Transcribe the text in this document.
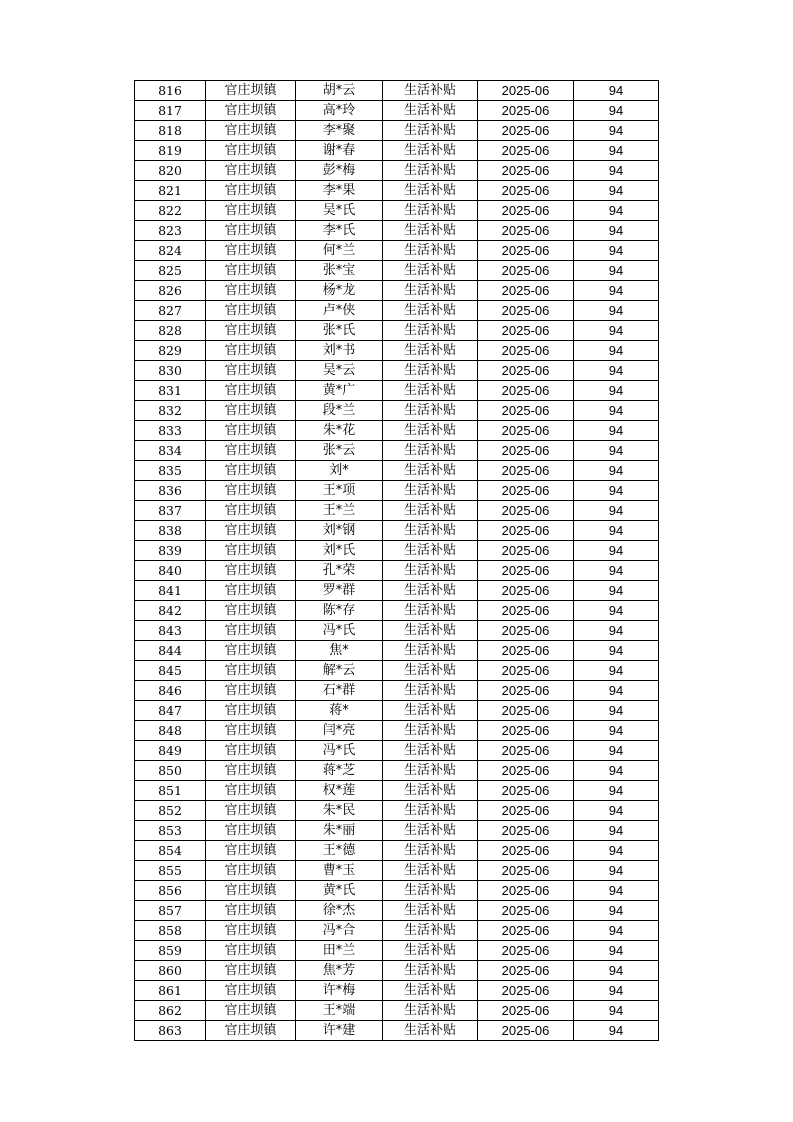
816	官庄坝镇	胡*云	生活补贴	2025-06	94
817	官庄坝镇	高*玲	生活补贴	2025-06	94
818	官庄坝镇	李*聚	生活补贴	2025-06	94
819	官庄坝镇	谢*春	生活补贴	2025-06	94
820	官庄坝镇	彭*梅	生活补贴	2025-06	94
821	官庄坝镇	李*果	生活补贴	2025-06	94
822	官庄坝镇	吴*氏	生活补贴	2025-06	94
823	官庄坝镇	李*氏	生活补贴	2025-06	94
824	官庄坝镇	何*兰	生活补贴	2025-06	94
825	官庄坝镇	张*宝	生活补贴	2025-06	94
826	官庄坝镇	杨*龙	生活补贴	2025-06	94
827	官庄坝镇	卢*侠	生活补贴	2025-06	94
828	官庄坝镇	张*氏	生活补贴	2025-06	94
829	官庄坝镇	刘*书	生活补贴	2025-06	94
830	官庄坝镇	吴*云	生活补贴	2025-06	94
831	官庄坝镇	黄*广	生活补贴	2025-06	94
832	官庄坝镇	段*兰	生活补贴	2025-06	94
833	官庄坝镇	朱*花	生活补贴	2025-06	94
834	官庄坝镇	张*云	生活补贴	2025-06	94
835	官庄坝镇	刘*	生活补贴	2025-06	94
836	官庄坝镇	王*项	生活补贴	2025-06	94
837	官庄坝镇	王*兰	生活补贴	2025-06	94
838	官庄坝镇	刘*钢	生活补贴	2025-06	94
839	官庄坝镇	刘*氏	生活补贴	2025-06	94
840	官庄坝镇	孔*荣	生活补贴	2025-06	94
841	官庄坝镇	罗*群	生活补贴	2025-06	94
842	官庄坝镇	陈*存	生活补贴	2025-06	94
843	官庄坝镇	冯*氏	生活补贴	2025-06	94
844	官庄坝镇	焦*	生活补贴	2025-06	94
845	官庄坝镇	解*云	生活补贴	2025-06	94
846	官庄坝镇	石*群	生活补贴	2025-06	94
847	官庄坝镇	蒋*	生活补贴	2025-06	94
848	官庄坝镇	闫*亮	生活补贴	2025-06	94
849	官庄坝镇	冯*氏	生活补贴	2025-06	94
850	官庄坝镇	蒋*芝	生活补贴	2025-06	94
851	官庄坝镇	权*莲	生活补贴	2025-06	94
852	官庄坝镇	朱*民	生活补贴	2025-06	94
853	官庄坝镇	朱*丽	生活补贴	2025-06	94
854	官庄坝镇	王*德	生活补贴	2025-06	94
855	官庄坝镇	曹*玉	生活补贴	2025-06	94
856	官庄坝镇	黄*氏	生活补贴	2025-06	94
857	官庄坝镇	徐*杰	生活补贴	2025-06	94
858	官庄坝镇	冯*合	生活补贴	2025-06	94
859	官庄坝镇	田*兰	生活补贴	2025-06	94
860	官庄坝镇	焦*芳	生活补贴	2025-06	94
861	官庄坝镇	许*梅	生活补贴	2025-06	94
862	官庄坝镇	王*端	生活补贴	2025-06	94
863	官庄坝镇	许*建	生活补贴	2025-06	94
